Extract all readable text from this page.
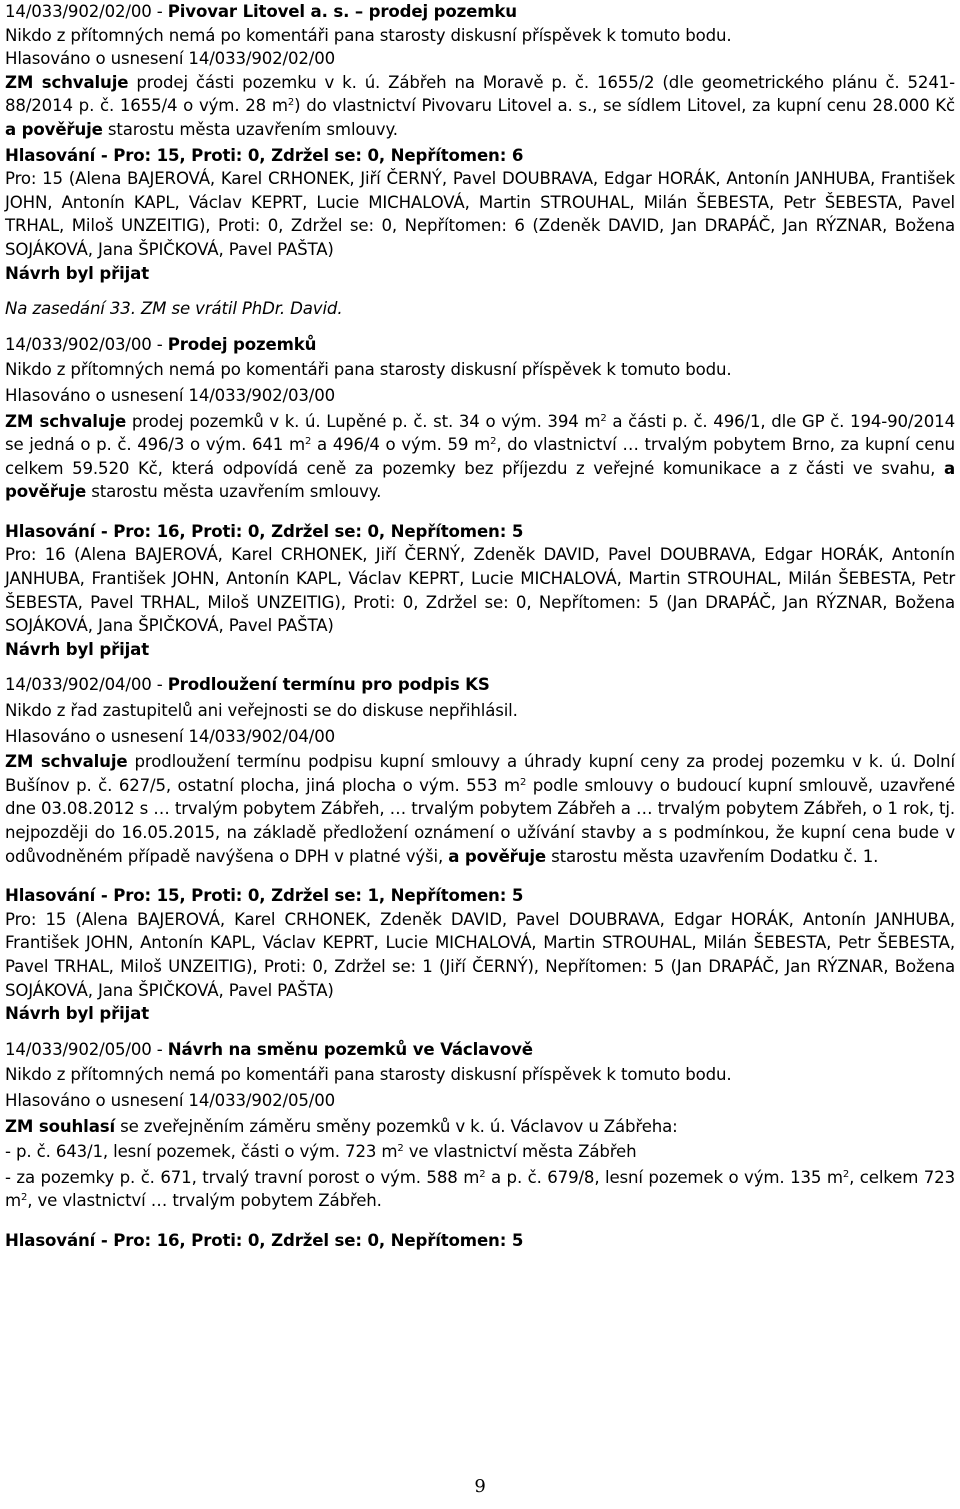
14/033/902/02/00 - Pivovar Litovel a. s. – prodej pozemku

Nikdo z přítomných nemá po komentáři pana starosty diskusní příspěvek k tomuto bodu.

Hlasováno o usnesení 14/033/902/02/00

ZM schvaluje prodej části pozemku v k. ú. Zábřeh na Moravě p. č. 1655/2 (dle geometrického plánu č. 5241-88/2014 p. č. 1655/4 o vým. 28 $m^2$) do vlastnictví Pivovaru Litovel a. s., se sídlem Litovel, za kupní cenu 28.000 Kč a pověřuje starostu města uzavřením smlouvy.

Hlasování - Pro: 15, Proti: 0, Zdržel se: 0, Nepřítomen: 6

Pro: 15 (Alena BAJEROVÁ, Karel CRHONEK, Jiří ČERNÝ, Pavel DOUBRAVA, Edgar HORÁK, Antonín JANHUBA, František JOHN, Antonín KAPL, Václav KEPRT, Lucie MICHALOVÁ, Martin STROUHAL, Milán ŠEBESTA, Petr ŠEBESTA, Pavel TRHAL, Miloš UNZEITIG), Proti: 0, Zdržel se: 0, Nepřítomen: 6 (Zdeněk DAVID, Jan DRAPÁČ, Jan RÝZNAR, Božena SOJÁKOVÁ, Jana ŠPIČKOVÁ, Pavel PAŠTA)

Návrh byl přijat

Na zasedání 33. ZM se vrátil PhDr. David.

14/033/902/03/00 - Prodej pozemků

Nikdo z přítomných nemá po komentáři pana starosty diskusní příspěvek k tomuto bodu.

Hlasováno o usnesení 14/033/902/03/00

ZM schvaluje prodej pozemků v k. ú. Lupěné p. č. st. 34 o vým. 394 $m^2$ a části p. č. 496/1, dle GP č. 194-90/2014 se jedná o p. č. 496/3 o vým. 641 $m^2$ a 496/4 o vým. 59 $m^2$, do vlastnictví … trvalým pobytem Brno, za kupní cenu celkem 59.520 Kč, která odpovídá ceně za pozemky bez příjezdu z veřejné komunikace a z části ve svahu, a pověřuje starostu města uzavřením smlouvy.

Hlasování - Pro: 16, Proti: 0, Zdržel se: 0, Nepřítomen: 5

Pro: 16 (Alena BAJEROVÁ, Karel CRHONEK, Jiří ČERNÝ, Zdeněk DAVID, Pavel DOUBRAVA, Edgar HORÁK, Antonín JANHUBA, František JOHN, Antonín KAPL, Václav KEPRT, Lucie MICHALOVÁ, Martin STROUHAL, Milán ŠEBESTA, Petr ŠEBESTA, Pavel TRHAL, Miloš UNZEITIG), Proti: 0, Zdržel se: 0, Nepřítomen: 5 (Jan DRAPÁČ, Jan RÝZNAR, Božena SOJÁKOVÁ, Jana ŠPIČKOVÁ, Pavel PAŠTA)

Návrh byl přijat

14/033/902/04/00 - Prodloužení termínu pro podpis KS

Nikdo z řad zastupitelů ani veřejnosti se do diskuse nepřihlásil.

Hlasováno o usnesení 14/033/902/04/00

ZM schvaluje prodloužení termínu podpisu kupní smlouvy a úhrady kupní ceny za prodej pozemku v k. ú. Dolní Bušínov p. č. 627/5, ostatní plocha, jiná plocha o vým. 553 $m^2$ podle smlouvy o budoucí kupní smlouvě, uzavřené dne 03.08.2012 s … trvalým pobytem Zábřeh, … trvalým pobytem Zábřeh a … trvalým pobytem Zábřeh, o 1 rok, tj. nejpozději do 16.05.2015, na základě předložení oznámení o užívání stavby a s podmínkou, že kupní cena bude v odůvodněném případě navýšena o DPH v platné výši, a pověřuje starostu města uzavřením Dodatku č. 1.

Hlasování - Pro: 15, Proti: 0, Zdržel se: 1, Nepřítomen: 5

Pro: 15 (Alena BAJEROVÁ, Karel CRHONEK, Zdeněk DAVID, Pavel DOUBRAVA, Edgar HORÁK, Antonín JANHUBA, František JOHN, Antonín KAPL, Václav KEPRT, Lucie MICHALOVÁ, Martin STROUHAL, Milán ŠEBESTA, Petr ŠEBESTA, Pavel TRHAL, Miloš UNZEITIG), Proti: 0, Zdržel se: 1 (Jiří ČERNÝ), Nepřítomen: 5 (Jan DRAPÁČ, Jan RÝZNAR, Božena SOJÁKOVÁ, Jana ŠPIČKOVÁ, Pavel PAŠTA)

Návrh byl přijat

14/033/902/05/00 - Návrh na směnu pozemků ve Václavově

Nikdo z přítomných nemá po komentáři pana starosty diskusní příspěvek k tomuto bodu.

Hlasováno o usnesení 14/033/902/05/00

ZM souhlasí se zveřejněním záměru směny pozemků v k. ú. Václavov u Zábřeha:

- p. č. 643/1, lesní pozemek, části o vým. 723 $m^2$ ve vlastnictví města Zábřeh

- za pozemky p. č. 671, trvalý travní porost o vým. 588 $m^2$ a p. č. 679/8, lesní pozemek o vým. 135 $m^2$, celkem 723 $m^2$, ve vlastnictví … trvalým pobytem Zábřeh.

Hlasování - Pro: 16, Proti: 0, Zdržel se: 0, Nepřítomen: 5

9
